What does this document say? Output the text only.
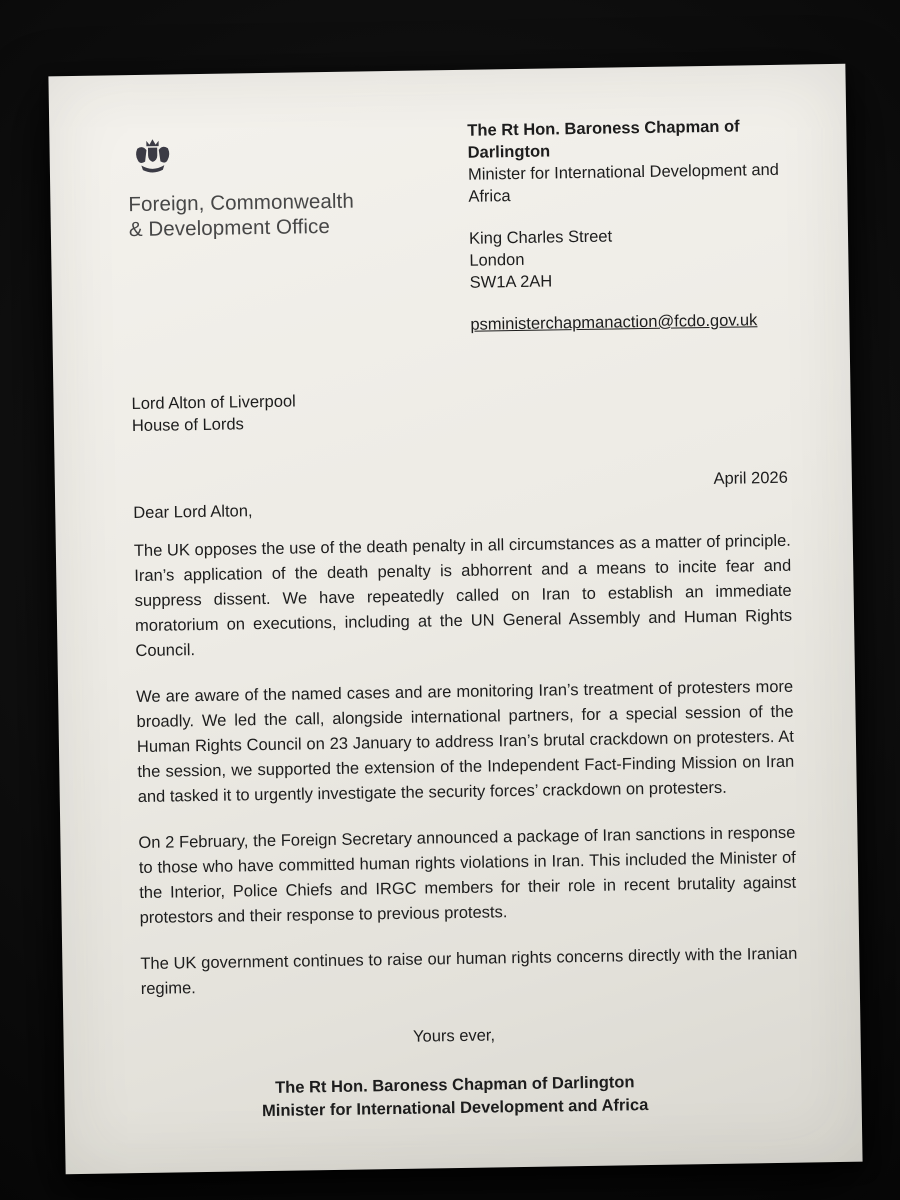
Foreign, Commonwealth
& Development Office
The Rt Hon. Baroness Chapman of Darlington
Minister for International Development and Africa
King Charles Street
London
SW1A 2AH
psministerchapmanaction@fcdo.gov.uk
Lord Alton of Liverpool
House of Lords
April 2026
Dear Lord Alton,

The UK opposes the use of the death penalty in all circumstances as a matter of principle. Iran’s application of the death penalty is abhorrent and a means to incite fear and suppress dissent. We have repeatedly called on Iran to establish an immediate moratorium on executions, including at the UN General Assembly and Human Rights Council.

We are aware of the named cases and are monitoring Iran’s treatment of protesters more broadly. We led the call, alongside international partners, for a special session of the Human Rights Council on 23 January to address Iran’s brutal crackdown on protesters. At the session, we supported the extension of the Independent Fact-Finding Mission on Iran and tasked it to urgently investigate the security forces’ crackdown on protesters.

On 2 February, the Foreign Secretary announced a package of Iran sanctions in response to those who have committed human rights violations in Iran. This included the Minister of the Interior, Police Chiefs and IRGC members for their role in recent brutality against protestors and their response to previous protests.

The UK government continues to raise our human rights concerns directly with the Iranian regime.

Yours ever,
The Rt Hon. Baroness Chapman of Darlington
Minister for International Development and Africa
